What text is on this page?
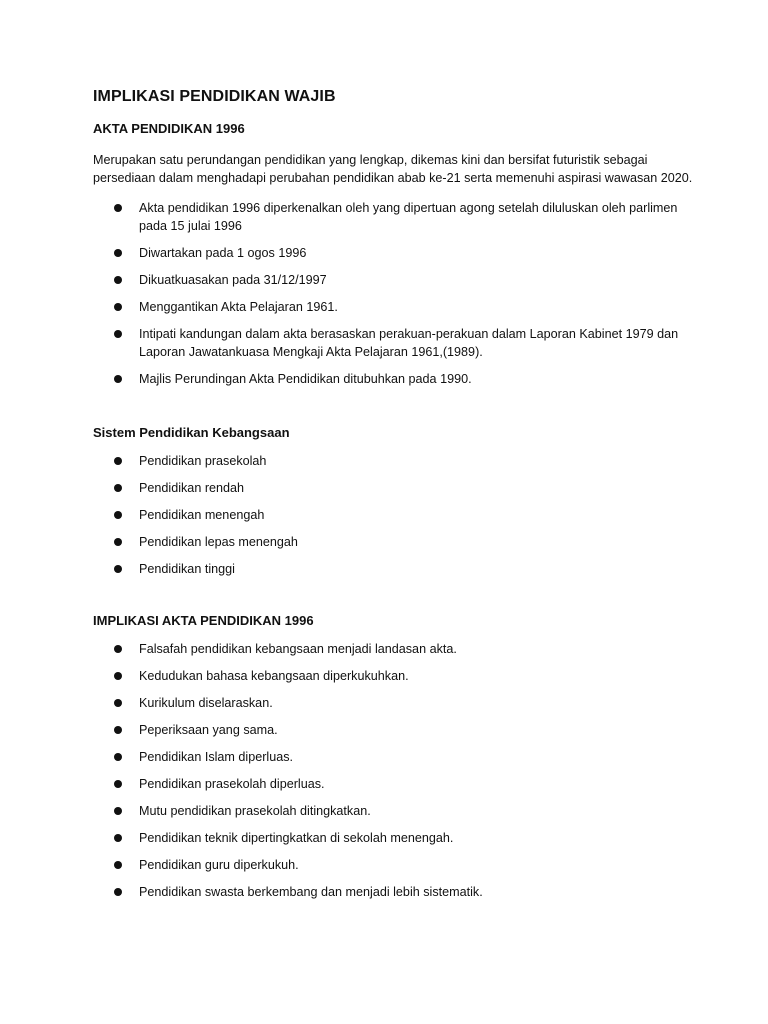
IMPLIKASI PENDIDIKAN WAJIB
AKTA PENDIDIKAN 1996

Merupakan satu perundangan pendidikan yang lengkap, dikemas kini dan bersifat futuristik sebagai persediaan dalam menghadapi perubahan pendidikan abab ke-21 serta memenuhi aspirasi wawasan 2020.

Akta pendidikan 1996 diperkenalkan oleh yang dipertuan agong setelah diluluskan oleh parlimen pada 15 julai 1996
Diwartakan pada 1 ogos 1996
Dikuatkuasakan pada 31/12/1997
Menggantikan Akta Pelajaran 1961.
Intipati kandungan dalam akta berasaskan perakuan-perakuan dalam Laporan Kabinet 1979 dan Laporan Jawatankuasa Mengkaji Akta Pelajaran 1961,(1989).
Majlis Perundingan Akta Pendidikan ditubuhkan pada 1990.
Sistem Pendidikan Kebangsaan
Pendidikan prasekolah
Pendidikan rendah
Pendidikan menengah
Pendidikan lepas menengah
Pendidikan tinggi
IMPLIKASI AKTA PENDIDIKAN 1996
Falsafah pendidikan kebangsaan menjadi landasan akta.
Kedudukan bahasa kebangsaan diperkukuhkan.
Kurikulum diselaraskan.
Peperiksaan yang sama.
Pendidikan Islam diperluas.
Pendidikan prasekolah diperluas.
Mutu pendidikan prasekolah ditingkatkan.
Pendidikan teknik dipertingkatkan di sekolah menengah.
Pendidikan guru diperkukuh.
Pendidikan swasta berkembang dan menjadi lebih sistematik.
